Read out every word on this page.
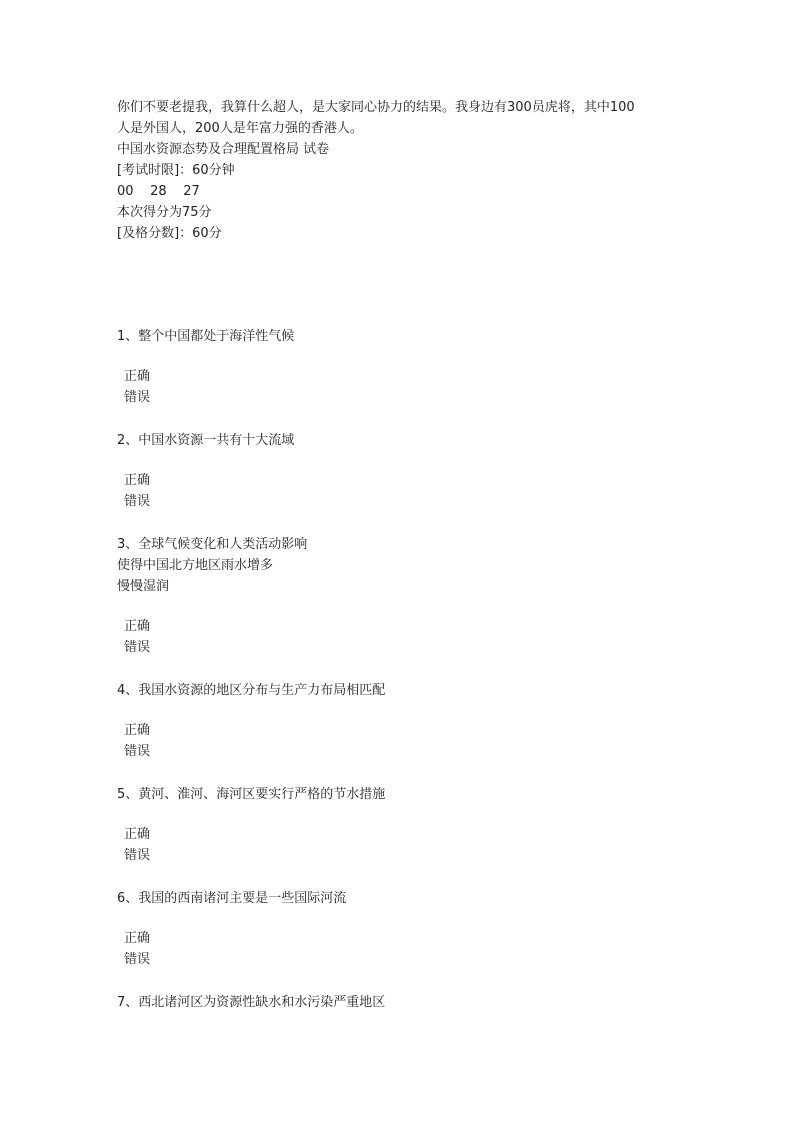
你们不要老提我，我算什么超人，是大家同心协力的结果。我身边有300员虎将，其中100
人是外国人，200人是年富力强的香港人。
中国水资源态势及合理配置格局 试卷
[考试时限]：60分钟
00 28 27
本次得分为75分
[及格分数]：60分
1、整个中国都处于海洋性气候
正确
错误
2、中国水资源一共有十大流域
正确
错误
3、全球气候变化和人类活动影响
使得中国北方地区雨水增多
慢慢湿润
正确
错误
4、我国水资源的地区分布与生产力布局相匹配
正确
错误
5、黄河、淮河、海河区要实行严格的节水措施
正确
错误
6、我国的西南诸河主要是一些国际河流
正确
错误
7、西北诸河区为资源性缺水和水污染严重地区
